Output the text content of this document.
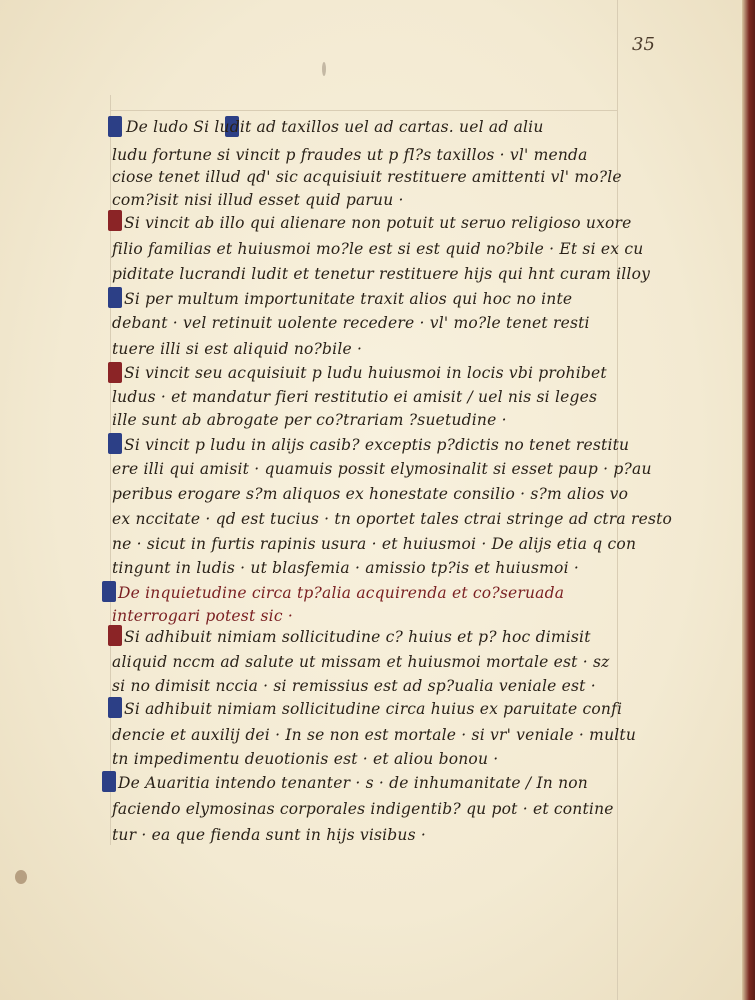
35
De ludo Si ludit ad taxillos uel ad cartas. uel ad aliu
ludu fortune si vincit p fraudes ut p fl?s taxillos · vl' menda
ciose tenet illud qd' sic acquisiuit restituere amittenti vl' mo?le
com?isit nisi illud esset quid paruu ·
Si vincit ab illo qui alienare non potuit ut seruo religioso uxore
filio familias et huiusmoi mo?le est si est quid no?bile · Et si ex cu
piditate lucrandi ludit et tenetur restituere hijs qui hnt curam illoy
Si per multum importunitate traxit alios qui hoc no inte
debant · vel retinuit uolente recedere · vl' mo?le tenet resti
tuere illi si est aliquid no?bile ·
Si vincit seu acquisiuit p ludu huiusmoi in locis vbi prohibet
ludus · et mandatur fieri restitutio ei amisit / uel nis si leges
ille sunt ab abrogate per co?trariam ?suetudine ·
Si vincit p ludu in alijs casib? exceptis p?dictis no tenet restitu
ere illi qui amisit · quamuis possit elymosinalit si esset paup · p?au
peribus erogare s?m aliquos ex honestate consilio · s?m alios vo
ex nccitate · qd est tucius · tn oportet tales ctrai stringe ad ctra resto
ne · sicut in furtis rapinis usura · et huiusmoi · De alijs etia q con
tingunt in ludis · ut blasfemia · amissio tp?is et huiusmoi ·
De inquietudine circa tp?alia acquirenda et co?seruada
interrogari potest sic ·
Si adhibuit nimiam sollicitudine c? huius et p? hoc dimisit
aliquid nccm ad salute ut missam et huiusmoi mortale est · sz
si no dimisit nccia · si remissius est ad sp?ualia veniale est ·
Si adhibuit nimiam sollicitudine circa huius ex paruitate confi
dencie et auxilij dei · In se non est mortale · si vr' veniale · multu
tn impedimentu deuotionis est · et aliou bonou ·
De Auaritia intendo tenanter · s · de inhumanitate / In non
faciendo elymosinas corporales indigentib? qu pot · et contine
tur · ea que fienda sunt in hijs visibus ·
